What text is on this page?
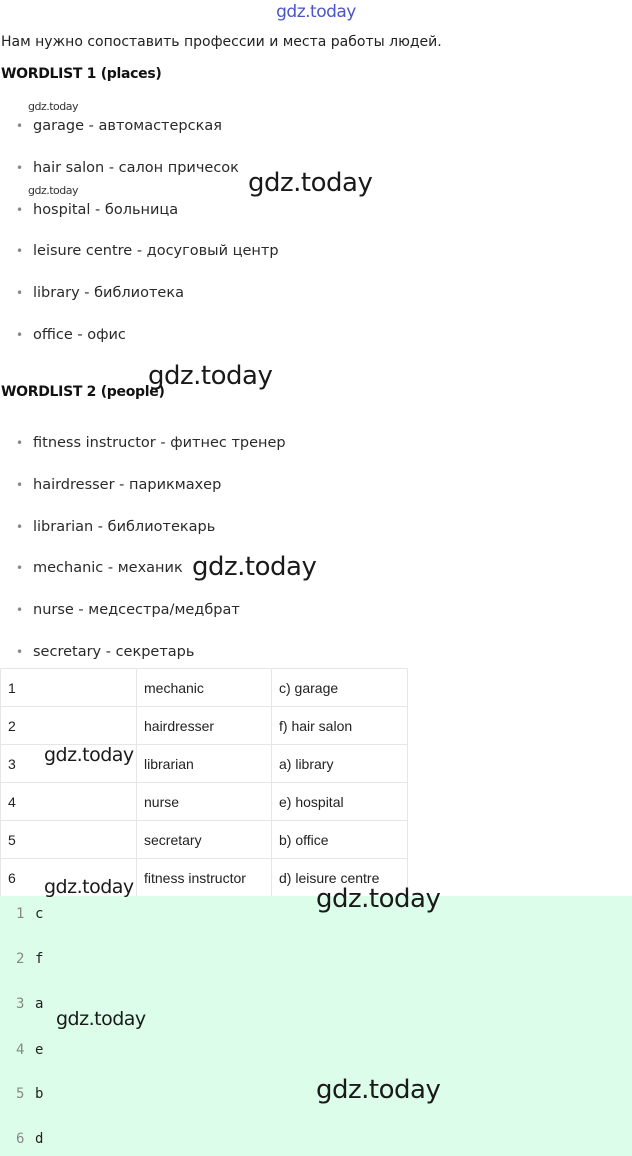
gdz.today
Нам нужно сопоставить профессии и места работы людей.
WORDLIST 1 (places)
• garage - автомастерская
• hair salon - салон причесок
• hospital - больница
• leisure centre - досуговый центр
• library - библиотека
• office - офис
WORDLIST 2 (people)
• fitness instructor - фитнес тренер
• hairdresser - парикмахер
• librarian - библиотекарь
• mechanic - механик
• nurse - медсестра/медбрат
• secretary - секретарь
1	mechanic	c) garage
2	hairdresser	f) hair salon
3	librarian	a) library
4	nurse	e) hospital
5	secretary	b) office
6	fitness instructor	d) leisure centre
1 c
2 f
3 a
4 e
5 b
6 d
gdz.today
gdz.today	gdz.today
gdz.today
gdz.today
gdz.today
gdz.today	gdz.today
gdz.today
gdz.today
